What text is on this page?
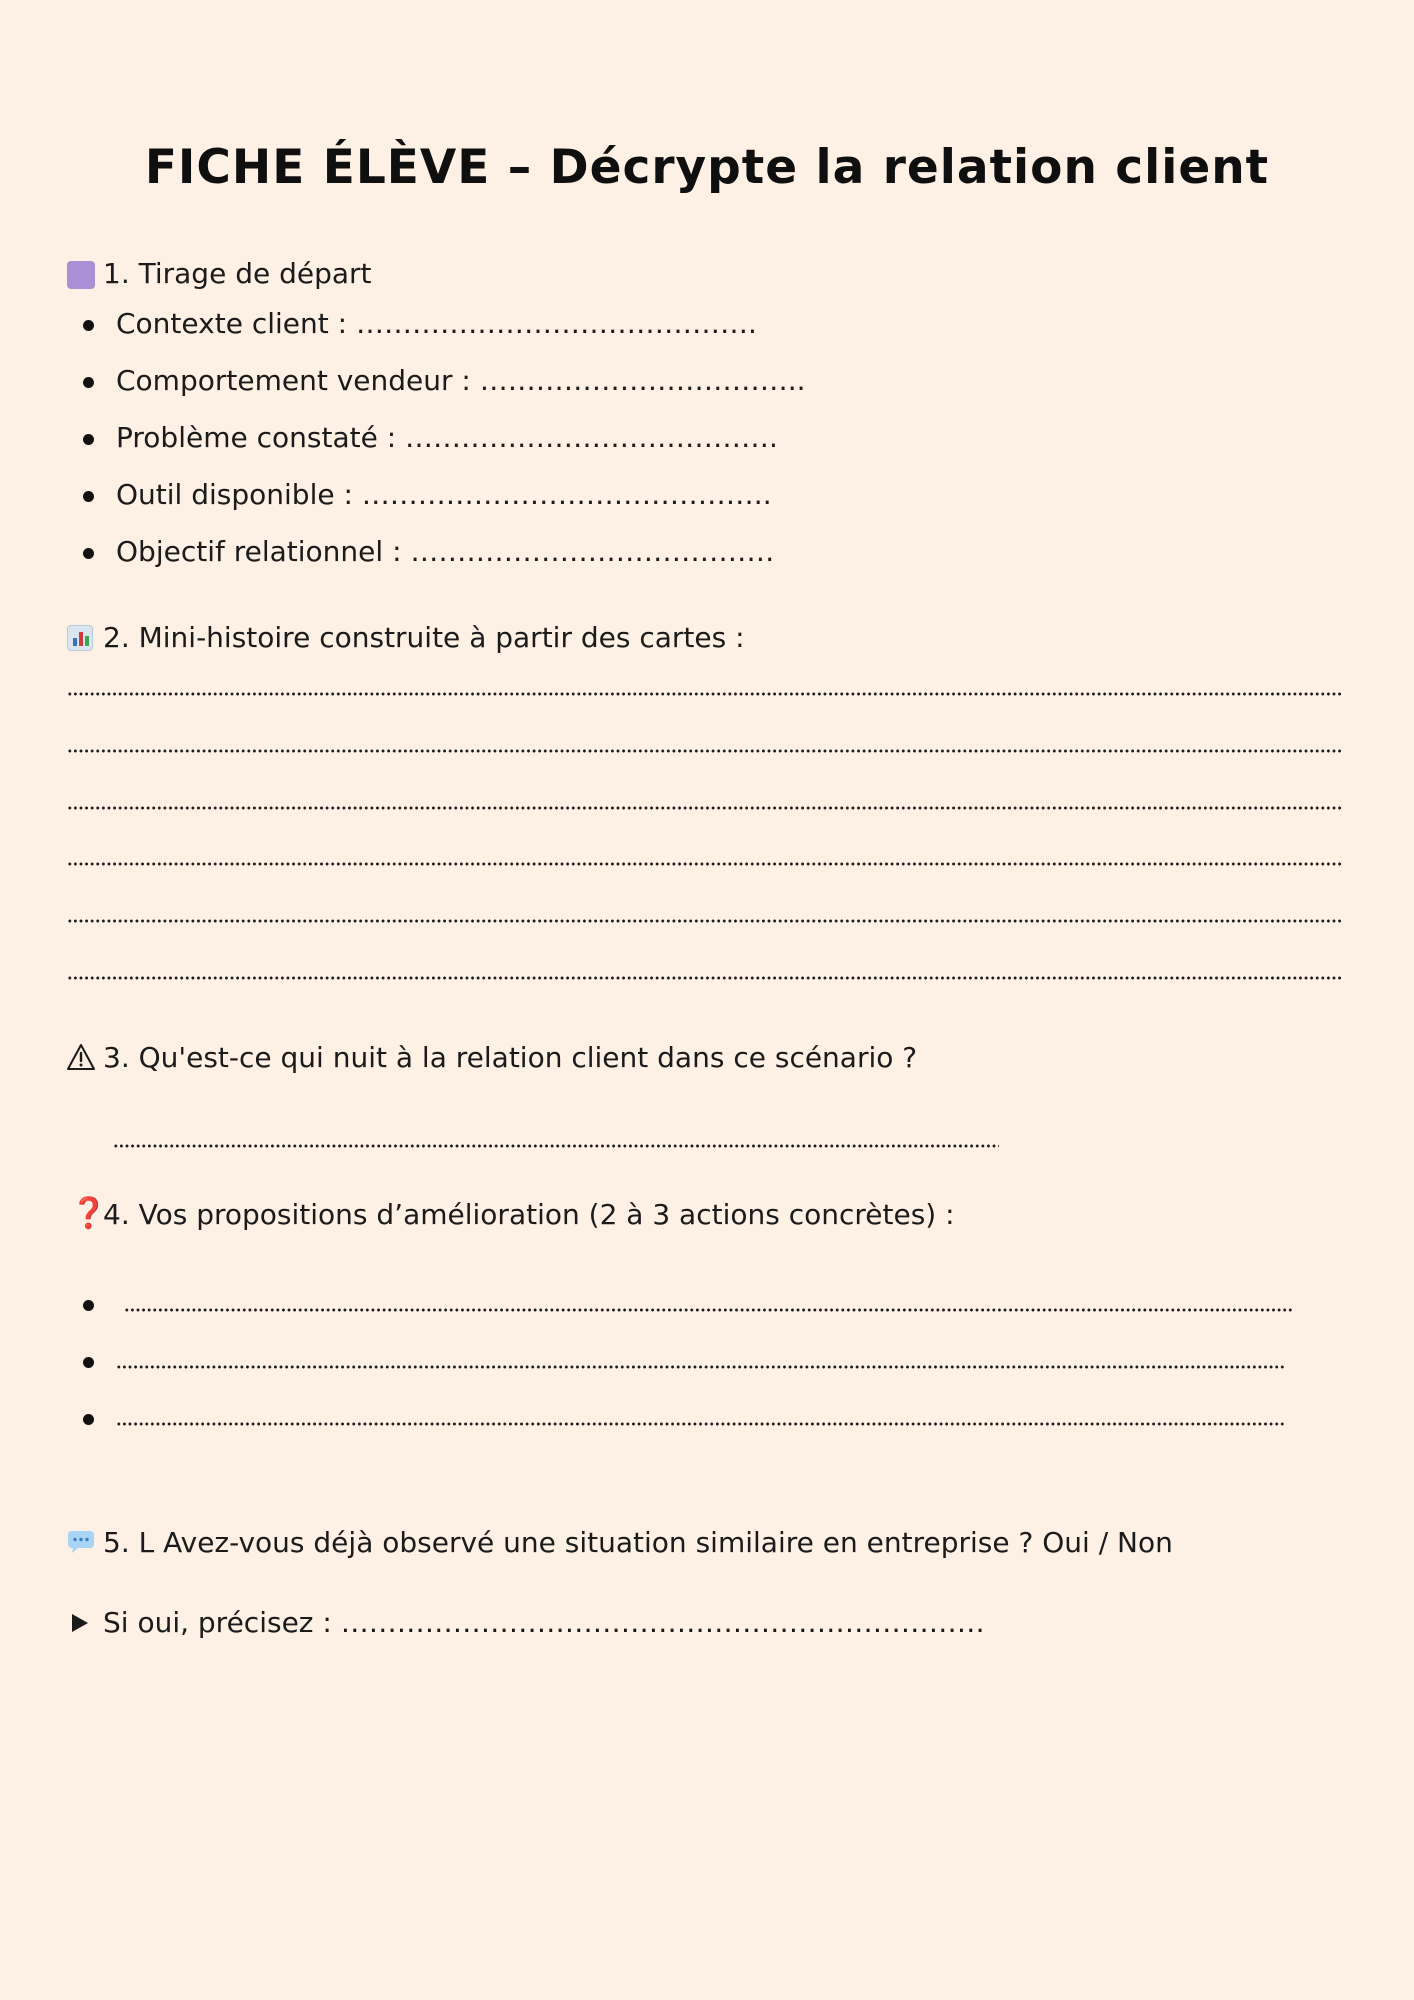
FICHE ÉLÈVE – Décrypte la relation client
1. Tirage de départ
Contexte client : …………………………………….
Comportement vendeur : ……………………………..
Problème constaté : ………………………………….
Outil disponible : ……………………………………..
Objectif relationnel : …………………………………
2. Mini-histoire construite à partir des cartes :
3. Qu'est-ce qui nuit à la relation client dans ce scénario ?
❓
4. Vos propositions d’amélioration (2 à 3 actions concrètes) :
5. L Avez-vous déjà observé une situation similaire en entreprise ? Oui / Non
Si oui, précisez : ……………………………………………………………
